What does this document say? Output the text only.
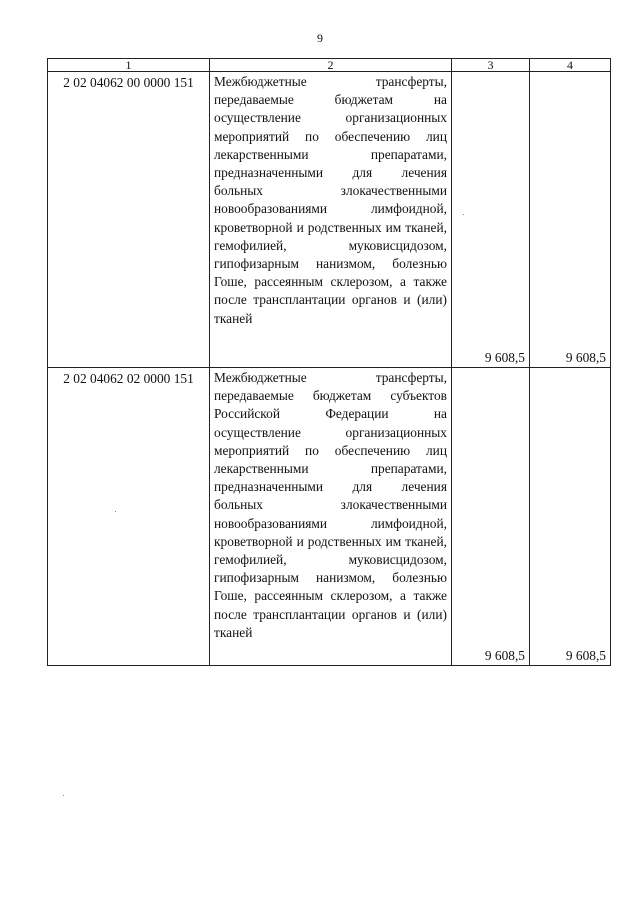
9
1	2	3	4
2 02 04062 00 0000 151	Межбюджетные трансферты, передаваемые бюджетам на осуществление организационных мероприятий по обеспечению лиц лекарственными препаратами, предназначенными для лечения больных злокачественными новообразованиями лимфоидной, кроветворной и родственных им тканей, гемофилией, муковисцидозом, гипофизарным нанизмом, болезнью Гоше, рассеянным склерозом, а также после трансплантации органов и (или) тканей	9 608,5	9 608,5
2 02 04062 02 0000 151	Межбюджетные трансферты, передаваемые бюджетам субъектов Российской Федерации на осуществление организационных мероприятий по обеспечению лиц лекарственными препаратами, предназначенными для лечения больных злокачественными новообразованиями лимфоидной, кроветворной и родственных им тканей, гемофилией, муковисцидозом, гипофизарным нанизмом, болезнью Гоше, рассеянным склерозом, а также после трансплантации органов и (или) тканей	9 608,5	9 608,5
